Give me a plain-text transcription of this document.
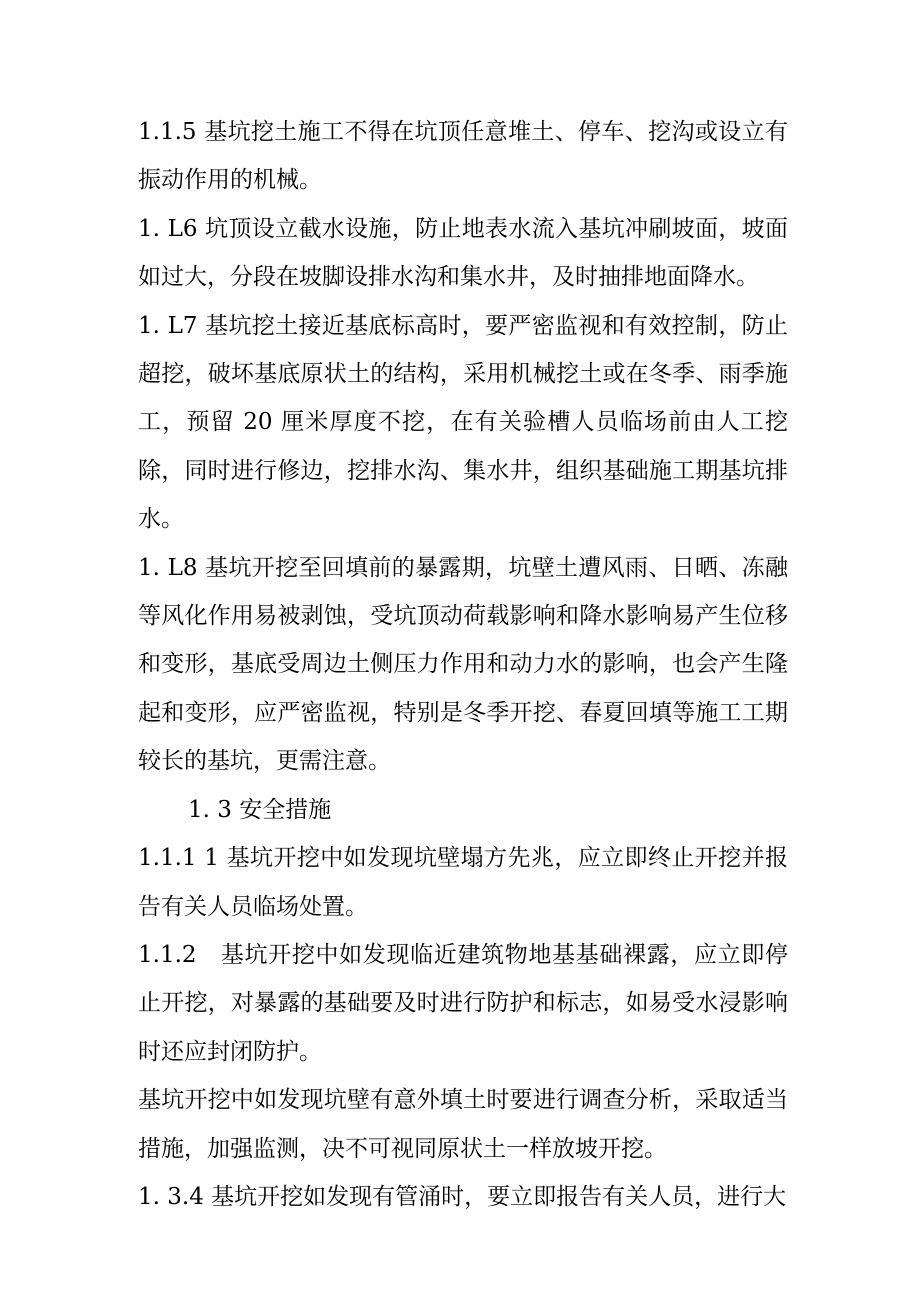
1.1.5 基坑挖土施工不得在坑顶任意堆土、停车、挖沟或设立有振动作用的机械。

1. L6 坑顶设立截水设施，防止地表水流入基坑冲刷坡面，坡面如过大，分段在坡脚设排水沟和集水井，及时抽排地面降水。

1. L7 基坑挖土接近基底标高时，要严密监视和有效控制，防止超挖，破坏基底原状土的结构，采用机械挖土或在冬季、雨季施工，预留 20 厘米厚度不挖，在有关验槽人员临场前由人工挖除，同时进行修边，挖排水沟、集水井，组织基础施工期基坑排水。

1. L8 基坑开挖至回填前的暴露期，坑壁土遭风雨、日晒、冻融等风化作用易被剥蚀，受坑顶动荷载影响和降水影响易产生位移和变形，基底受周边土侧压力作用和动力水的影响，也会产生隆起和变形，应严密监视，特别是冬季开挖、春夏回填等施工工期较长的基坑，更需注意。

1. 3 安全措施

1.1.1 1 基坑开挖中如发现坑壁塌方先兆，应立即终止开挖并报告有关人员临场处置。

1.1.2　基坑开挖中如发现临近建筑物地基基础裸露，应立即停止开挖，对暴露的基础要及时进行防护和标志，如易受水浸影响时还应封闭防护。

基坑开挖中如发现坑壁有意外填土时要进行调查分析，采取适当措施，加强监测，决不可视同原状土一样放坡开挖。

1. 3.4 基坑开挖如发现有管涌时，要立即报告有关人员，进行大
